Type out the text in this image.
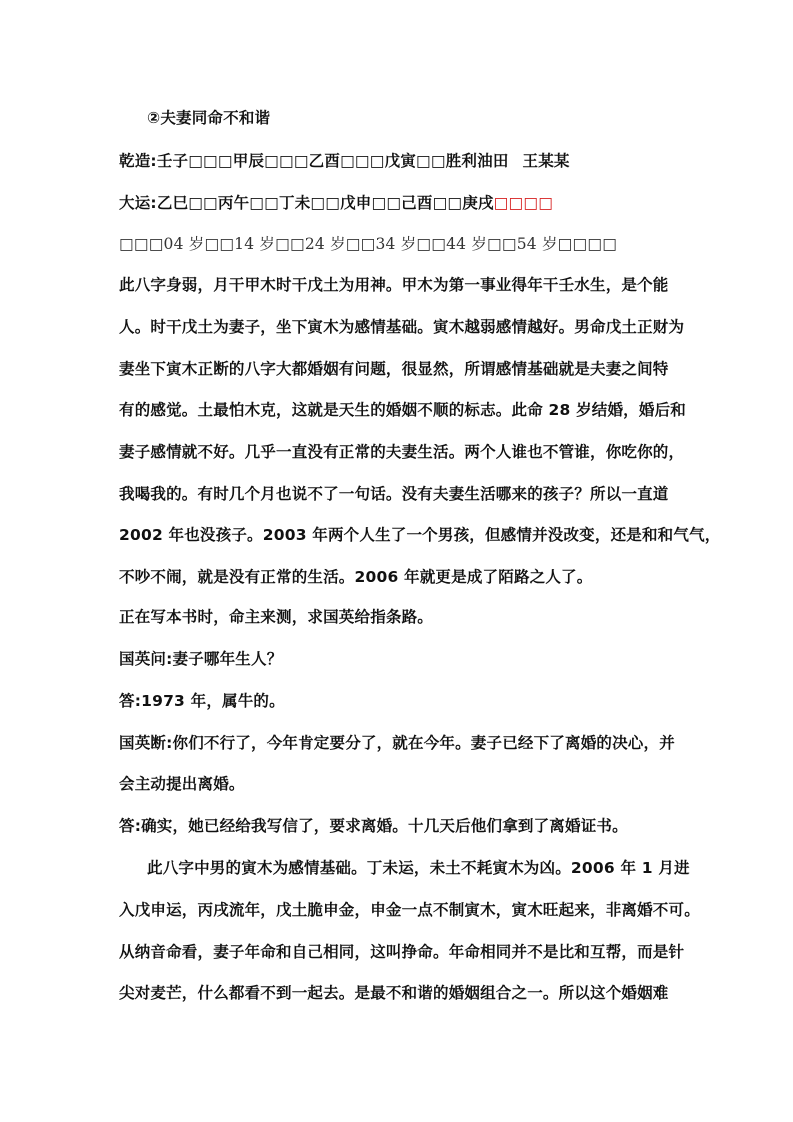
②夫妻同命不和谐
乾造:壬子□□□甲辰□□□乙酉□□□戊寅□□胜利油田 王某某
大运:乙巳□□丙午□□丁未□□戊申□□己酉□□庚戌□□□□
□□□04 岁□□14 岁□□24 岁□□34 岁□□44 岁□□54 岁□□□□
此八字身弱，月干甲木时干戊土为用神。甲木为第一事业得年干壬水生，是个能
人。时干戊土为妻子，坐下寅木为感情基础。寅木越弱感情越好。男命戊土正财为
妻坐下寅木正断的八字大都婚姻有问题，很显然，所谓感情基础就是夫妻之间特
有的感觉。土最怕木克，这就是天生的婚姻不顺的标志。此命 28 岁结婚，婚后和
妻子感情就不好。几乎一直没有正常的夫妻生活。两个人谁也不管谁，你吃你的，
我喝我的。有时几个月也说不了一句话。没有夫妻生活哪来的孩子？所以一直道
2002 年也没孩子。2003 年两个人生了一个男孩，但感情并没改变，还是和和气气，
不吵不闹，就是没有正常的生活。2006 年就更是成了陌路之人了。
正在写本书时，命主来测，求国英给指条路。
国英问:妻子哪年生人？
答:1973 年，属牛的。
国英断:你们不行了，今年肯定要分了，就在今年。妻子已经下了离婚的决心，并
会主动提出离婚。
答:确实，她已经给我写信了，要求离婚。十几天后他们拿到了离婚证书。
此八字中男的寅木为感情基础。丁未运，未土不耗寅木为凶。2006 年 1 月进
入戊申运，丙戌流年，戊土脆申金，申金一点不制寅木，寅木旺起来，非离婚不可。
从纳音命看，妻子年命和自己相同，这叫挣命。年命相同并不是比和互帮，而是针
尖对麦芒，什么都看不到一起去。是最不和谐的婚姻组合之一。所以这个婚姻难
